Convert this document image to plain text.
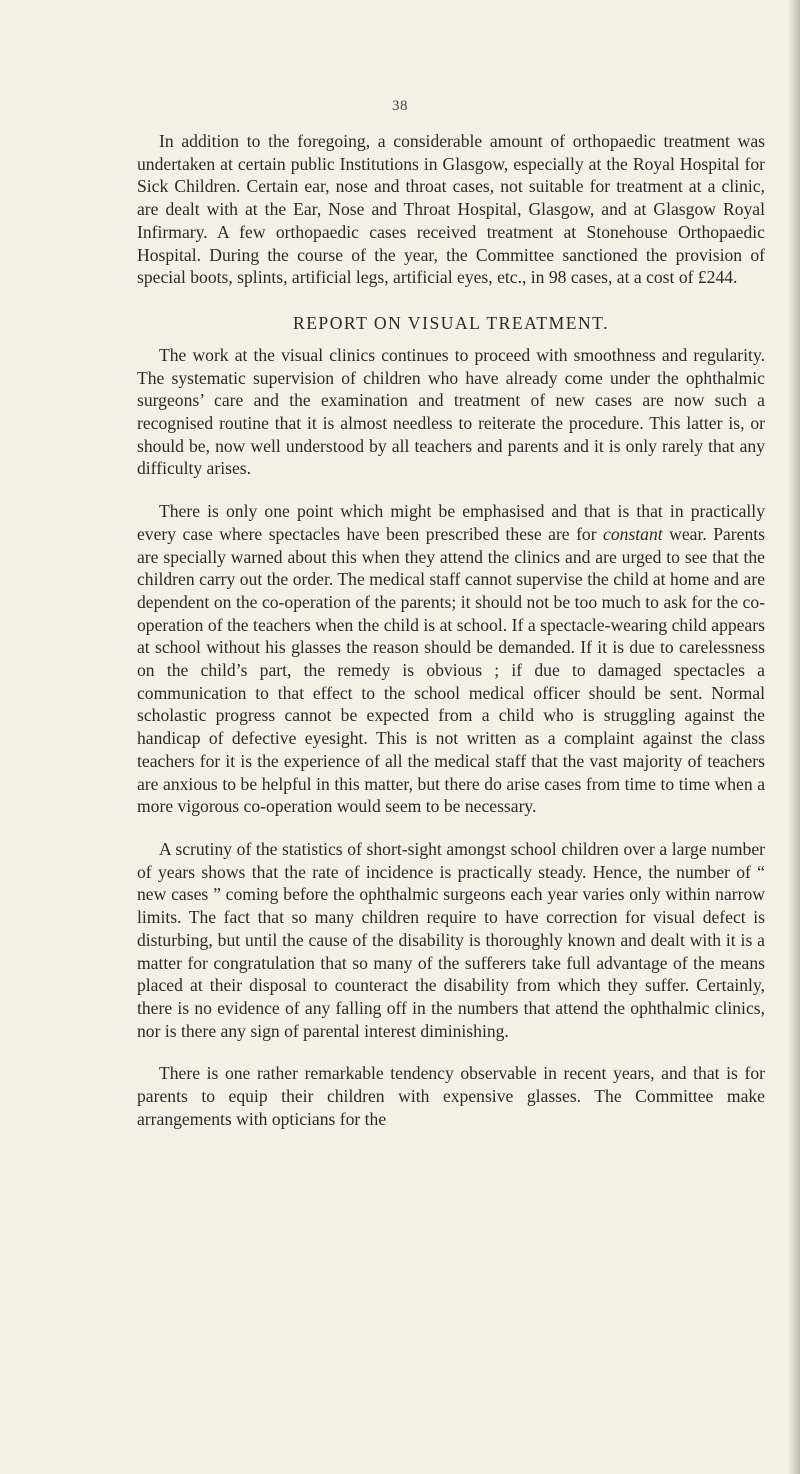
38

In addition to the foregoing, a considerable amount of orthopaedic treatment was undertaken at certain public Institutions in Glasgow, especially at the Royal Hospital for Sick Children. Certain ear, nose and throat cases, not suitable for treatment at a clinic, are dealt with at the Ear, Nose and Throat Hospital, Glasgow, and at Glasgow Royal Infirmary. A few orthopaedic cases received treatment at Stonehouse Orthopaedic Hospital. During the course of the year, the Committee sanctioned the provision of special boots, splints, artificial legs, artificial eyes, etc., in 98 cases, at a cost of £244.

REPORT ON VISUAL TREATMENT.

The work at the visual clinics continues to proceed with smoothness and regularity. The systematic supervision of children who have already come under the ophthalmic surgeons’ care and the examination and treatment of new cases are now such a recognised routine that it is almost needless to reiterate the procedure. This latter is, or should be, now well understood by all teachers and parents and it is only rarely that any difficulty arises.

There is only one point which might be emphasised and that is that in practically every case where spectacles have been prescribed these are for constant wear. Parents are specially warned about this when they attend the clinics and are urged to see that the children carry out the order. The medical staff cannot supervise the child at home and are dependent on the co-operation of the parents; it should not be too much to ask for the co-operation of the teachers when the child is at school. If a spectacle-wearing child appears at school without his glasses the reason should be demanded. If it is due to carelessness on the child’s part, the remedy is obvious ; if due to damaged spectacles a communication to that effect to the school medical officer should be sent. Normal scholastic progress cannot be expected from a child who is struggling against the handicap of defective eyesight. This is not written as a complaint against the class teachers for it is the experience of all the medical staff that the vast majority of teachers are anxious to be helpful in this matter, but there do arise cases from time to time when a more vigorous co-operation would seem to be necessary.

A scrutiny of the statistics of short-sight amongst school children over a large number of years shows that the rate of incidence is practically steady. Hence, the number of “ new cases ” coming before the ophthalmic surgeons each year varies only within narrow limits. The fact that so many children require to have correction for visual defect is disturbing, but until the cause of the disability is thoroughly known and dealt with it is a matter for congratulation that so many of the sufferers take full advantage of the means placed at their disposal to counteract the disability from which they suffer. Certainly, there is no evidence of any falling off in the numbers that attend the ophthalmic clinics, nor is there any sign of parental interest diminishing.

There is one rather remarkable tendency observable in recent years, and that is for parents to equip their children with expensive glasses. The Committee make arrangements with opticians for the
